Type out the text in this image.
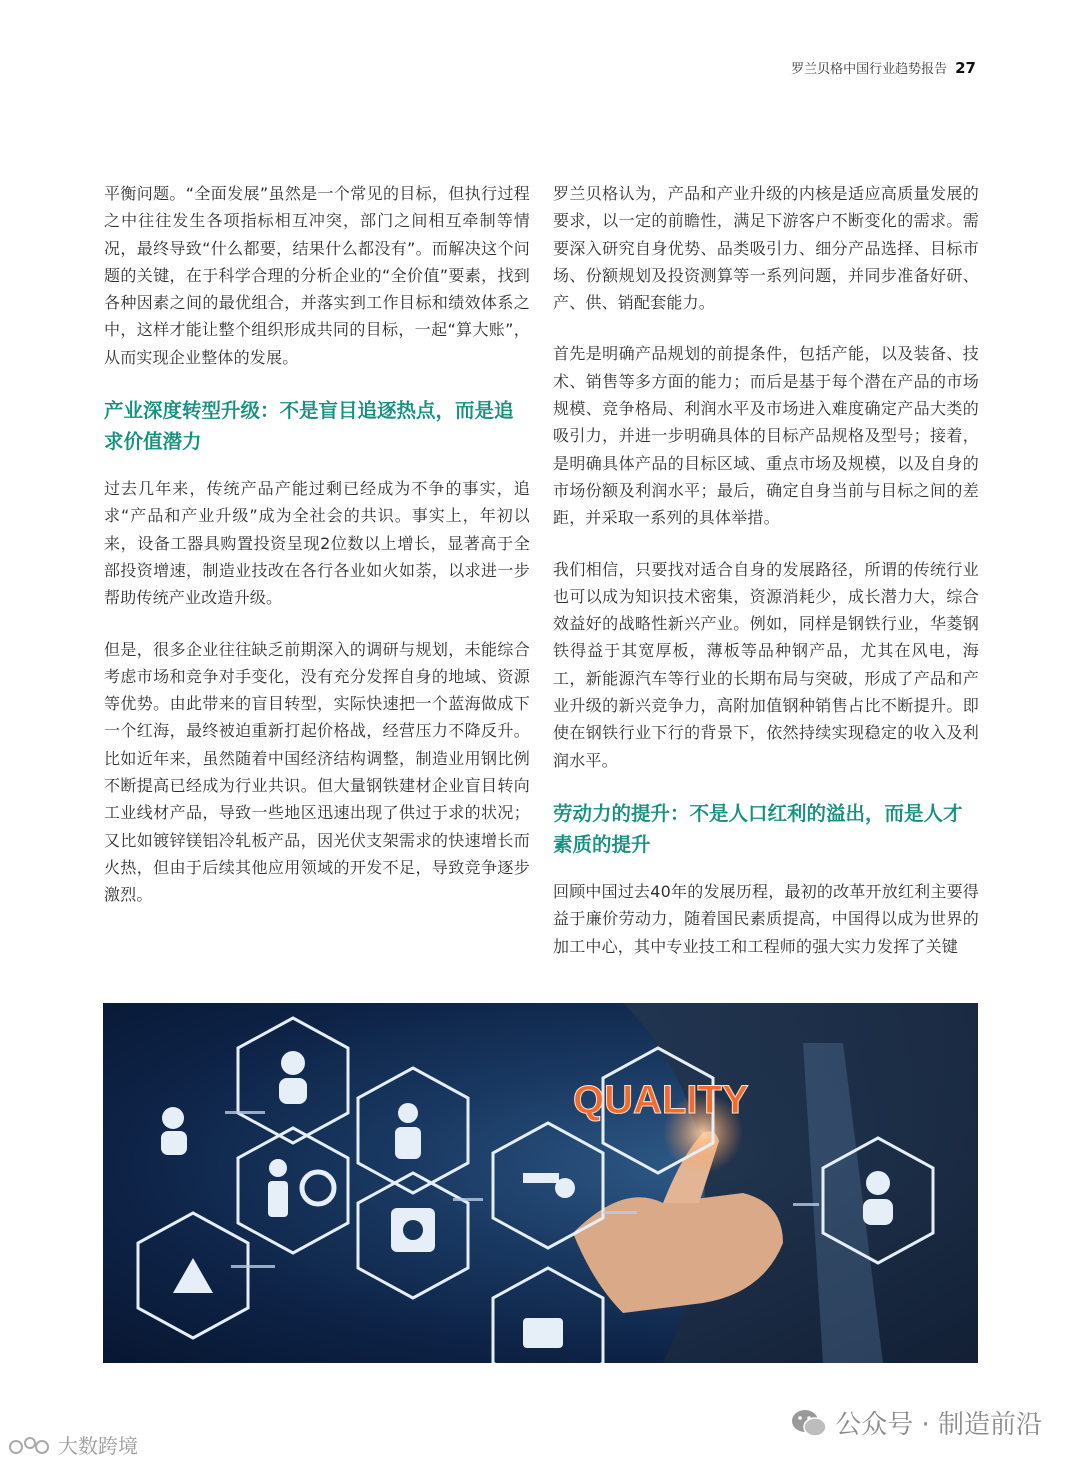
罗兰贝格中国行业趋势报告 27

平衡问题。“全面发展”虽然是一个常见的目标，但执行过程之中往往发生各项指标相互冲突，部门之间相互牵制等情况，最终导致“什么都要，结果什么都没有”。而解决这个问题的关键，在于科学合理的分析企业的“全价值”要素，找到各种因素之间的最优组合，并落实到工作目标和绩效体系之中，这样才能让整个组织形成共同的目标，一起“算大账”，从而实现企业整体的发展。

产业深度转型升级：不是盲目追逐热点，而是追求价值潜力

过去几年来，传统产品产能过剩已经成为不争的事实，追求“产品和产业升级”成为全社会的共识。事实上，年初以来，设备工器具购置投资呈现2位数以上增长，显著高于全部投资增速，制造业技改在各行各业如火如荼，以求进一步帮助传统产业改造升级。

但是，很多企业往往缺乏前期深入的调研与规划，未能综合考虑市场和竞争对手变化，没有充分发挥自身的地域、资源等优势。由此带来的盲目转型，实际快速把一个蓝海做成下一个红海，最终被迫重新打起价格战，经营压力不降反升。比如近年来，虽然随着中国经济结构调整，制造业用钢比例不断提高已经成为行业共识。但大量钢铁建材企业盲目转向工业线材产品，导致一些地区迅速出现了供过于求的状况；又比如镀锌镁铝冷轧板产品，因光伏支架需求的快速增长而火热，但由于后续其他应用领域的开发不足，导致竞争逐步激烈。

罗兰贝格认为，产品和产业升级的内核是适应高质量发展的要求，以一定的前瞻性，满足下游客户不断变化的需求。需要深入研究自身优势、品类吸引力、细分产品选择、目标市场、份额规划及投资测算等一系列问题，并同步准备好研、产、供、销配套能力。

首先是明确产品规划的前提条件，包括产能，以及装备、技术、销售等多方面的能力；而后是基于每个潜在产品的市场规模、竞争格局、利润水平及市场进入难度确定产品大类的吸引力，并进一步明确具体的目标产品规格及型号；接着，是明确具体产品的目标区域、重点市场及规模，以及自身的市场份额及利润水平；最后，确定自身当前与目标之间的差距，并采取一系列的具体举措。

我们相信，只要找对适合自身的发展路径，所谓的传统行业也可以成为知识技术密集，资源消耗少，成长潜力大，综合效益好的战略性新兴产业。例如，同样是钢铁行业，华菱钢铁得益于其宽厚板，薄板等品种钢产品，尤其在风电，海工，新能源汽车等行业的长期布局与突破，形成了产品和产业升级的新兴竞争力，高附加值钢种销售占比不断提升。即使在钢铁行业下行的背景下，依然持续实现稳定的收入及利润水平。

劳动力的提升：不是人口红利的溢出，而是人才素质的提升

回顾中国过去40年的发展历程，最初的改革开放红利主要得益于廉价劳动力，随着国民素质提高，中国得以成为世界的加工中心，其中专业技工和工程师的强大实力发挥了关键

QUALITY
公众号 · 制造前沿
大数跨境
